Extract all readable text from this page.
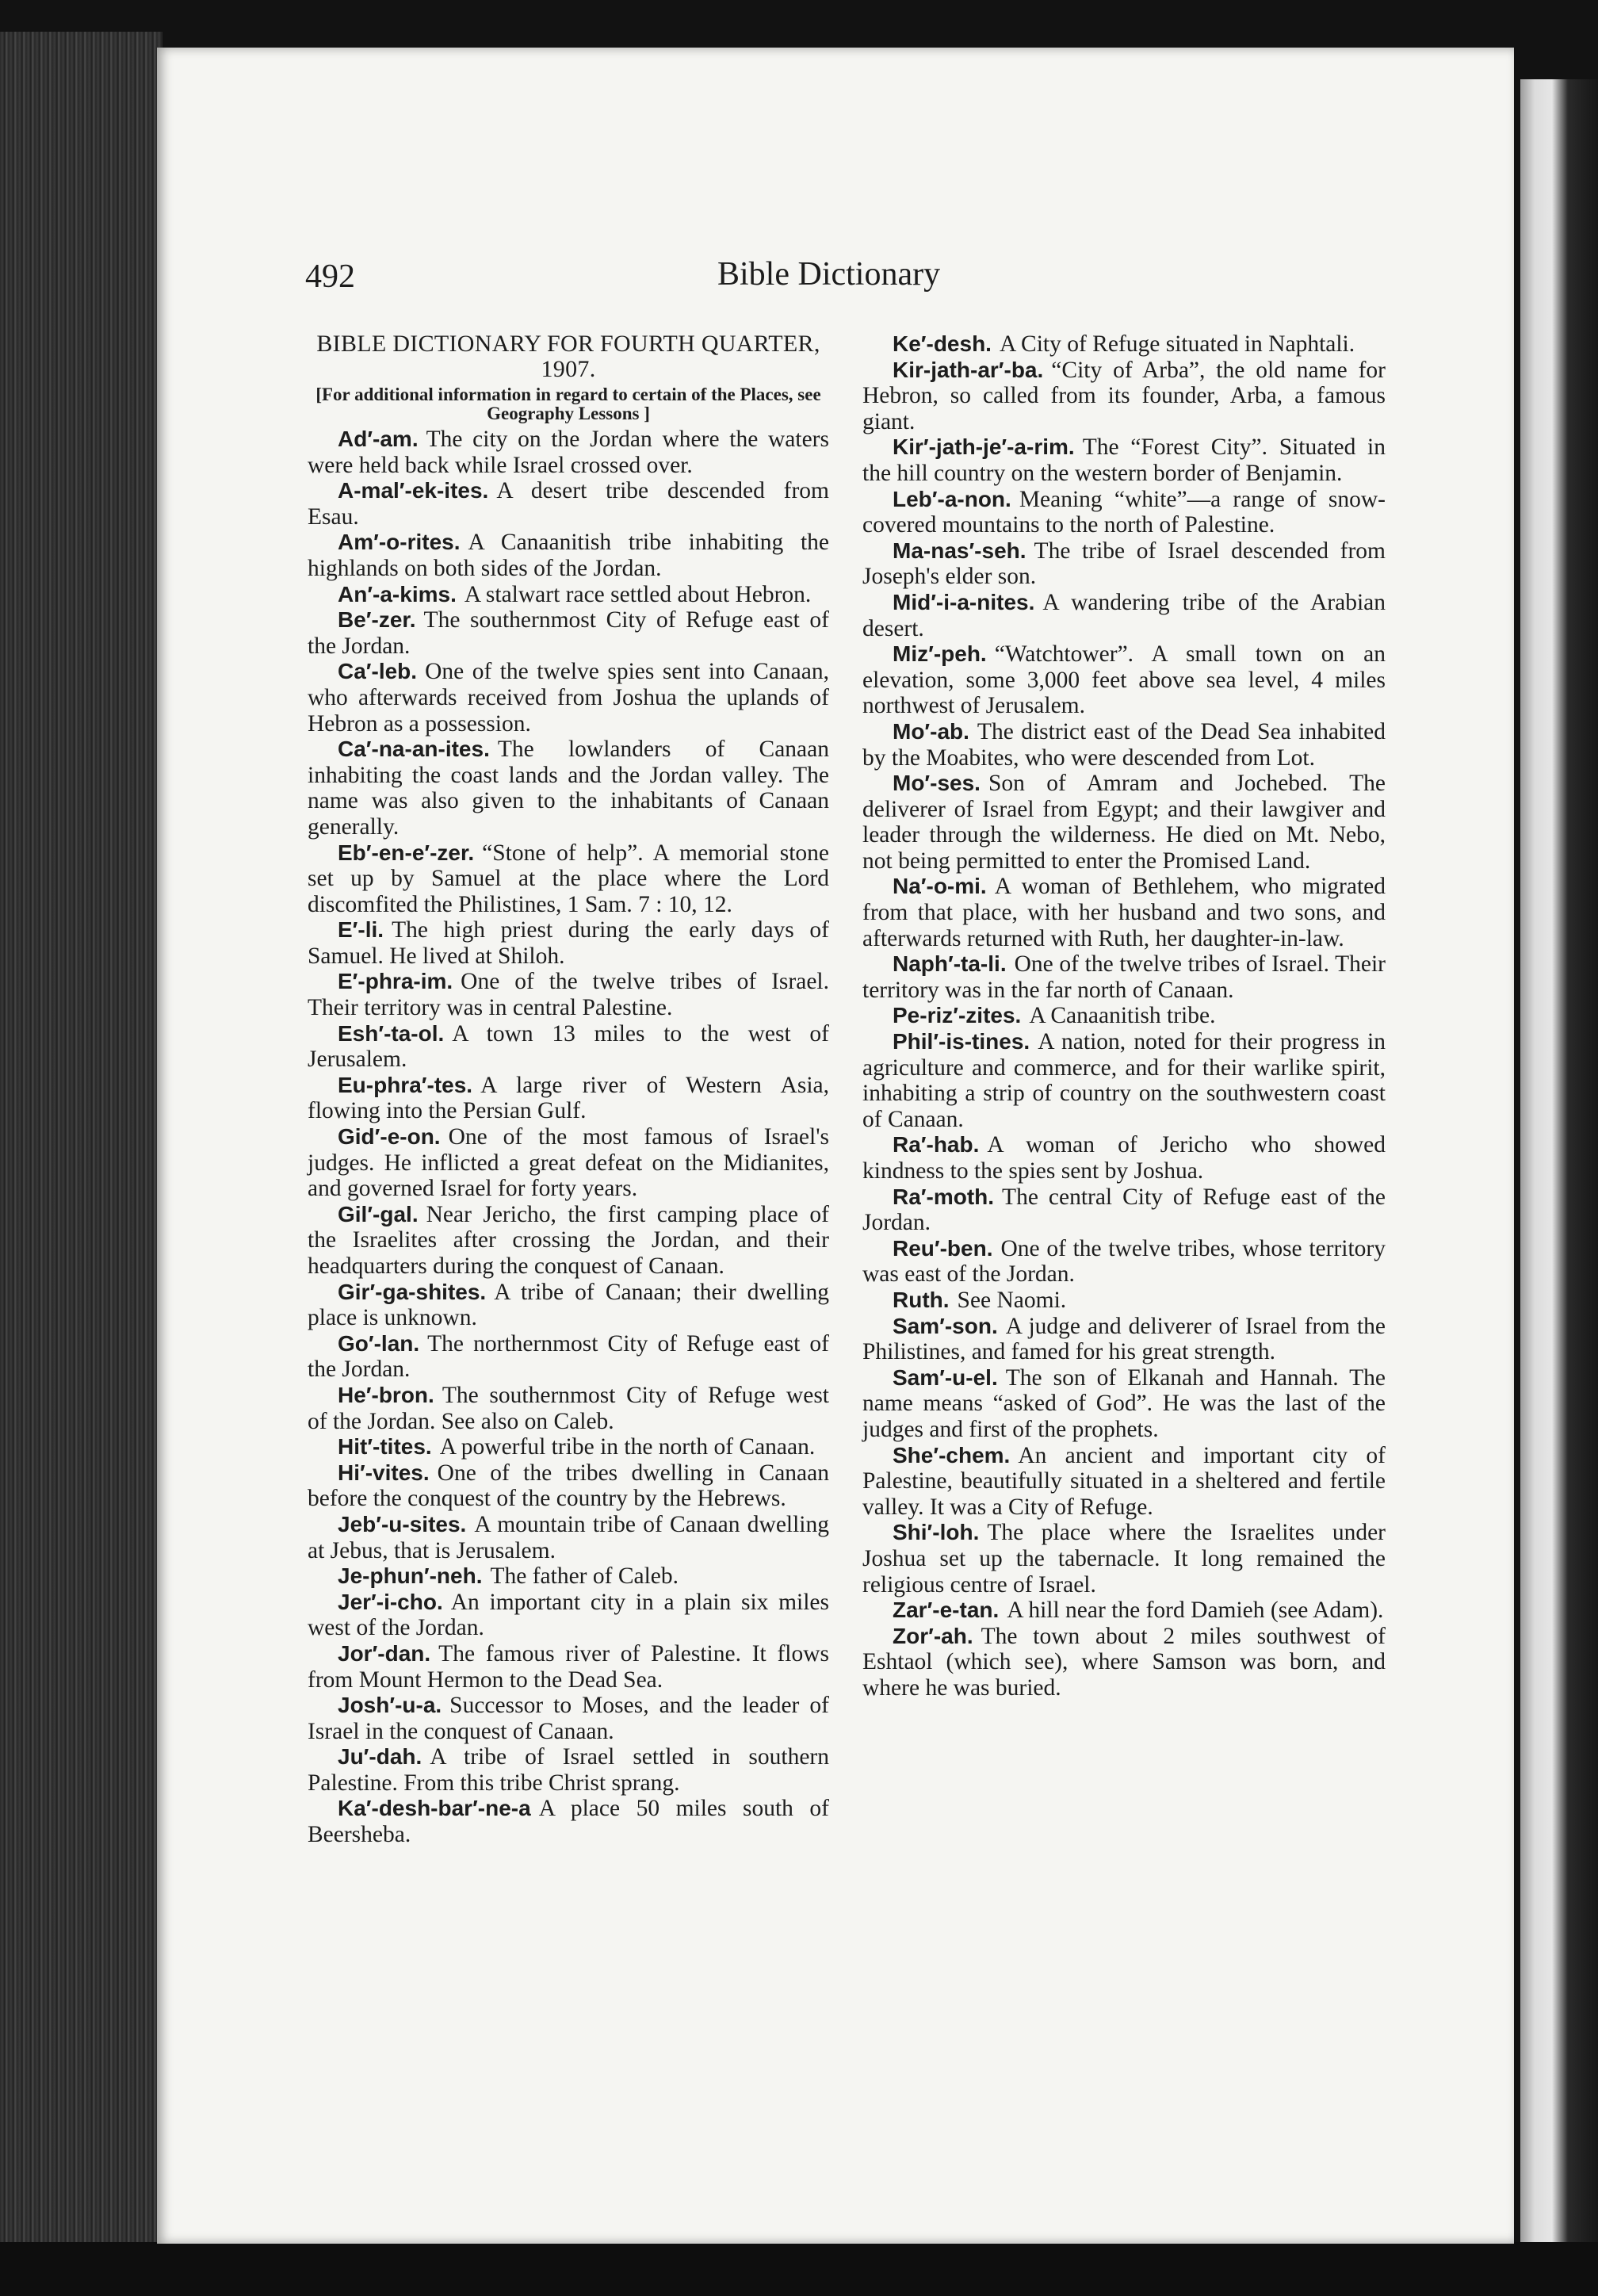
492	Bible Dictionary
BIBLE DICTIONARY FOR FOURTH QUARTER, 1907.
[For additional information in regard to certain of the Places, see Geography Lessons ]

Ad′-am. The city on the Jordan where the waters were held back while Israel crossed over.

A-mal′-ek-ites. A desert tribe descended from Esau.

Am′-o-rites. A Canaanitish tribe inhabiting the highlands on both sides of the Jordan.

An′-a-kims. A stalwart race settled about Hebron.

Be′-zer. The southernmost City of Refuge east of the Jordan.

Ca′-leb. One of the twelve spies sent into Canaan, who afterwards received from Joshua the uplands of Hebron as a possession.

Ca′-na-an-ites. The lowlanders of Canaan inhabiting the coast lands and the Jordan valley. The name was also given to the inhabitants of Canaan generally.

Eb′-en-e′-zer. “Stone of help”. A memorial stone set up by Samuel at the place where the Lord discomfited the Philistines, 1 Sam. 7 : 10, 12.

E′-li. The high priest during the early days of Samuel. He lived at Shiloh.

E′-phra-im. One of the twelve tribes of Israel. Their territory was in central Palestine.

Esh′-ta-ol. A town 13 miles to the west of Jerusalem.

Eu-phra′-tes. A large river of Western Asia, flowing into the Persian Gulf.

Gid′-e-on. One of the most famous of Israel's judges. He inflicted a great defeat on the Midianites, and governed Israel for forty years.

Gil′-gal. Near Jericho, the first camping place of the Israelites after crossing the Jordan, and their headquarters during the conquest of Canaan.

Gir′-ga-shites. A tribe of Canaan; their dwelling place is unknown.

Go′-lan. The northernmost City of Refuge east of the Jordan.

He′-bron. The southernmost City of Refuge west of the Jordan. See also on Caleb.

Hit′-tites. A powerful tribe in the north of Canaan.

Hi′-vites. One of the tribes dwelling in Canaan before the conquest of the country by the Hebrews.

Jeb′-u-sites. A mountain tribe of Canaan dwelling at Jebus, that is Jerusalem.

Je-phun′-neh. The father of Caleb.

Jer′-i-cho. An important city in a plain six miles west of the Jordan.

Jor′-dan. The famous river of Palestine. It flows from Mount Hermon to the Dead Sea.

Josh′-u-a. Successor to Moses, and the leader of Israel in the conquest of Canaan.

Ju′-dah. A tribe of Israel settled in southern Palestine. From this tribe Christ sprang.

Ka′-desh-bar′-ne-a A place 50 miles south of Beersheba.

Ke′-desh. A City of Refuge situated in Naphtali.

Kir-jath-ar′-ba. “City of Arba”, the old name for Hebron, so called from its founder, Arba, a famous giant.

Kir′-jath-je′-a-rim. The “Forest City”. Situated in the hill country on the western border of Benjamin.

Leb′-a-non. Meaning “white”—a range of snow-covered mountains to the north of Palestine.

Ma-nas′-seh. The tribe of Israel descended from Joseph's elder son.

Mid′-i-a-nites. A wandering tribe of the Arabian desert.

Miz′-peh. “Watchtower”. A small town on an elevation, some 3,000 feet above sea level, 4 miles northwest of Jerusalem.

Mo′-ab. The district east of the Dead Sea inhabited by the Moabites, who were descended from Lot.

Mo′-ses. Son of Amram and Jochebed. The deliverer of Israel from Egypt; and their lawgiver and leader through the wilderness. He died on Mt. Nebo, not being permitted to enter the Promised Land.

Na′-o-mi. A woman of Bethlehem, who migrated from that place, with her husband and two sons, and afterwards returned with Ruth, her daughter-in-law.

Naph′-ta-li. One of the twelve tribes of Israel. Their territory was in the far north of Canaan.

Pe-riz′-zites. A Canaanitish tribe.

Phil′-is-tines. A nation, noted for their progress in agriculture and commerce, and for their warlike spirit, inhabiting a strip of country on the southwestern coast of Canaan.

Ra′-hab. A woman of Jericho who showed kindness to the spies sent by Joshua.

Ra′-moth. The central City of Refuge east of the Jordan.

Reu′-ben. One of the twelve tribes, whose territory was east of the Jordan.

Ruth. See Naomi.

Sam′-son. A judge and deliverer of Israel from the Philistines, and famed for his great strength.

Sam′-u-el. The son of Elkanah and Hannah. The name means “asked of God”. He was the last of the judges and first of the prophets.

She′-chem. An ancient and important city of Palestine, beautifully situated in a sheltered and fertile valley. It was a City of Refuge.

Shi′-loh. The place where the Israelites under Joshua set up the tabernacle. It long remained the religious centre of Israel.

Zar′-e-tan. A hill near the ford Damieh (see Adam).

Zor′-ah. The town about 2 miles southwest of Eshtaol (which see), where Samson was born, and where he was buried.
